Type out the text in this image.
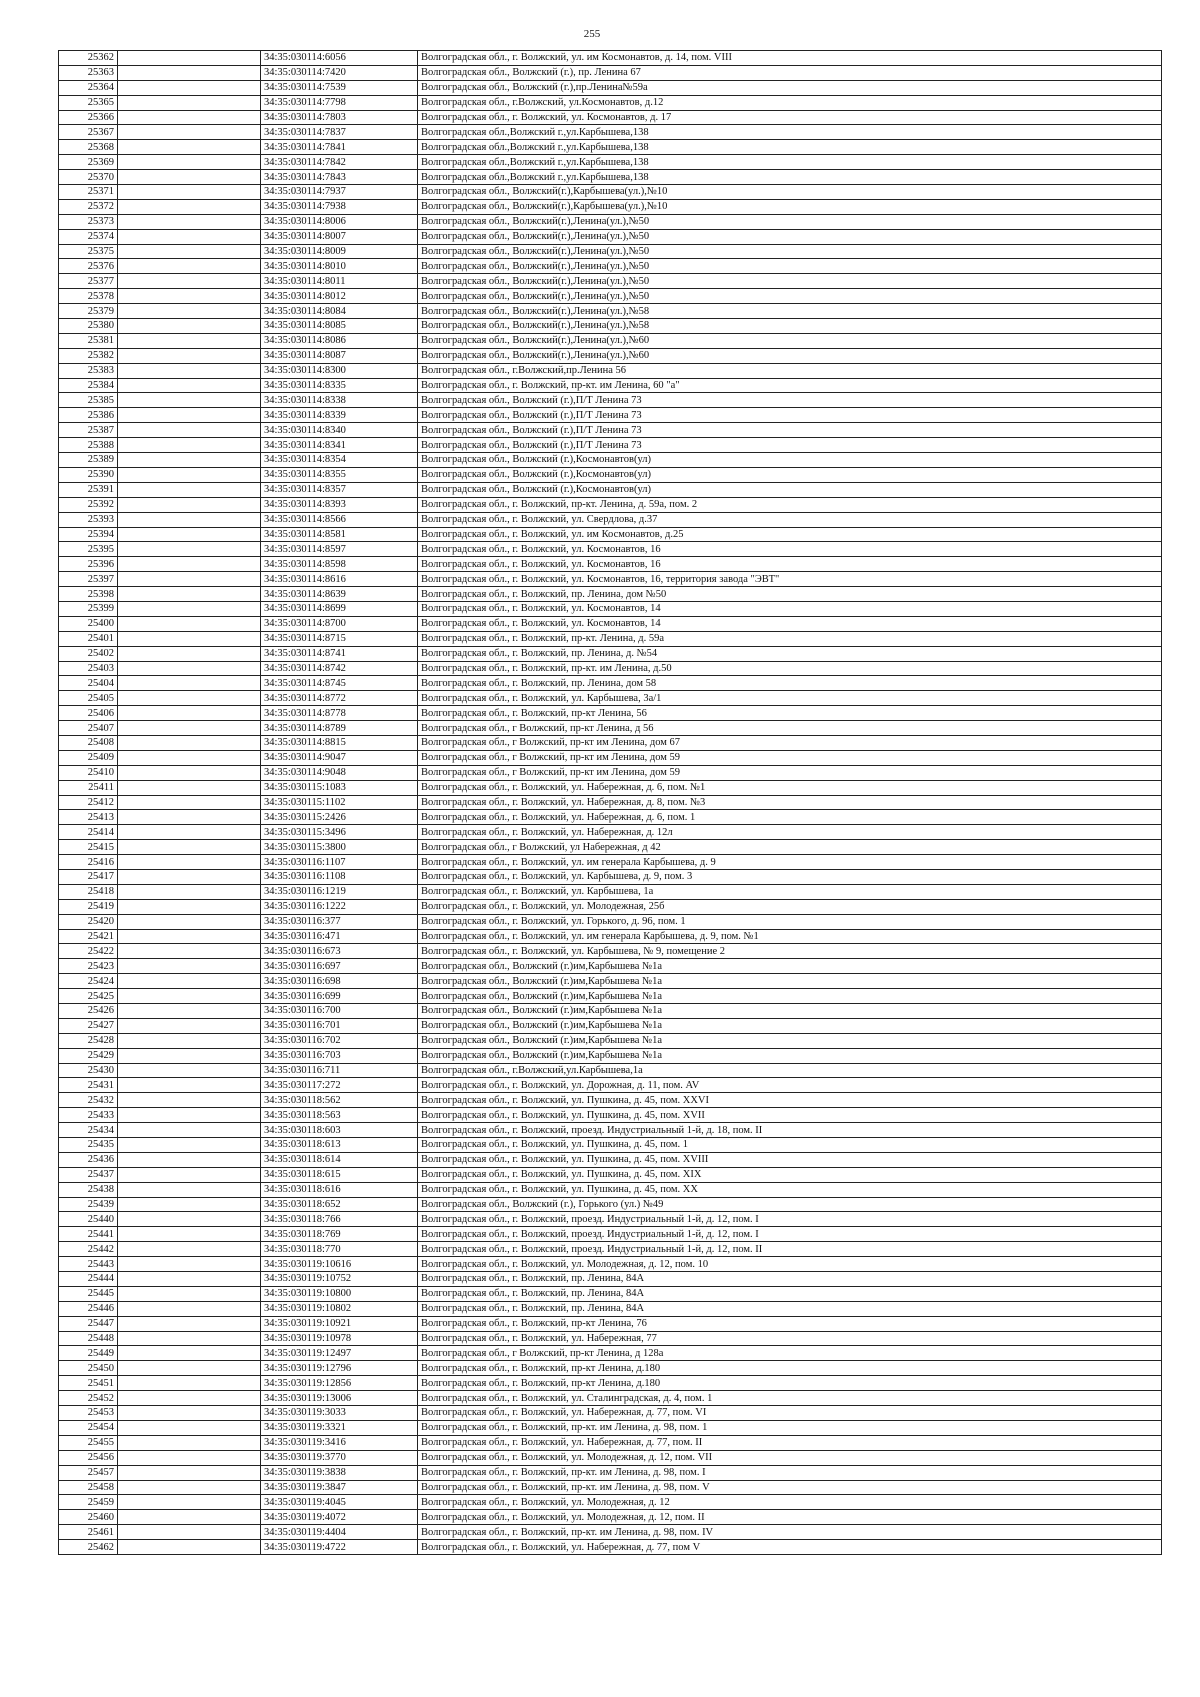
255
25362		34:35:030114:6056	Волгоградская обл., г. Волжский, ул. им Космонавтов, д. 14, пом. VIII
25363		34:35:030114:7420	Волгоградская обл., Волжский (г.), пр. Ленина 67
25364		34:35:030114:7539	Волгоградская обл., Волжский (г.),пр.Ленина№59а
25365		34:35:030114:7798	Волгоградская обл., г.Волжский, ул.Космонавтов, д.12
25366		34:35:030114:7803	Волгоградская обл., г. Волжский, ул. Космонавтов, д. 17
25367		34:35:030114:7837	Волгоградская обл.,Волжский г.,ул.Карбышева,138
25368		34:35:030114:7841	Волгоградская обл.,Волжский г.,ул.Карбышева,138
25369		34:35:030114:7842	Волгоградская обл.,Волжский г.,ул.Карбышева,138
25370		34:35:030114:7843	Волгоградская обл.,Волжский г.,ул.Карбышева,138
25371		34:35:030114:7937	Волгоградская обл., Волжский(г.),Карбышева(ул.),№10
25372		34:35:030114:7938	Волгоградская обл., Волжский(г.),Карбышева(ул.),№10
25373		34:35:030114:8006	Волгоградская обл., Волжский(г.),Ленина(ул.),№50
25374		34:35:030114:8007	Волгоградская обл., Волжский(г.),Ленина(ул.),№50
25375		34:35:030114:8009	Волгоградская обл., Волжский(г.),Ленина(ул.),№50
25376		34:35:030114:8010	Волгоградская обл., Волжский(г.),Ленина(ул.),№50
25377		34:35:030114:8011	Волгоградская обл., Волжский(г.),Ленина(ул.),№50
25378		34:35:030114:8012	Волгоградская обл., Волжский(г.),Ленина(ул.),№50
25379		34:35:030114:8084	Волгоградская обл., Волжский(г.),Ленина(ул.),№58
25380		34:35:030114:8085	Волгоградская обл., Волжский(г.),Ленина(ул.),№58
25381		34:35:030114:8086	Волгоградская обл., Волжский(г.),Ленина(ул.),№60
25382		34:35:030114:8087	Волгоградская обл., Волжский(г.),Ленина(ул.),№60
25383		34:35:030114:8300	Волгоградская обл., г.Волжский,пр.Ленина 56
25384		34:35:030114:8335	Волгоградская обл., г. Волжский, пр-кт. им Ленина, 60 "а"
25385		34:35:030114:8338	Волгоградская обл., Волжский (г.),П/Т Ленина 73
25386		34:35:030114:8339	Волгоградская обл., Волжский (г.),П/Т Ленина 73
25387		34:35:030114:8340	Волгоградская обл., Волжский (г.),П/Т Ленина 73
25388		34:35:030114:8341	Волгоградская обл., Волжский (г.),П/Т Ленина 73
25389		34:35:030114:8354	Волгоградская обл., Волжский (г.),Космонавтов(ул)
25390		34:35:030114:8355	Волгоградская обл., Волжский (г.),Космонавтов(ул)
25391		34:35:030114:8357	Волгоградская обл., Волжский (г.),Космонавтов(ул)
25392		34:35:030114:8393	Волгоградская обл., г. Волжский, пр-кт. Ленина, д. 59а, пом. 2
25393		34:35:030114:8566	Волгоградская обл., г. Волжский, ул. Свердлова, д.37
25394		34:35:030114:8581	Волгоградская обл., г. Волжский, ул. им Космонавтов, д.25
25395		34:35:030114:8597	Волгоградская обл., г. Волжский, ул. Космонавтов, 16
25396		34:35:030114:8598	Волгоградская обл., г. Волжский, ул. Космонавтов, 16
25397		34:35:030114:8616	Волгоградская обл., г. Волжский, ул. Космонавтов, 16, территория завода "ЭВТ"
25398		34:35:030114:8639	Волгоградская обл., г. Волжский, пр. Ленина, дом №50
25399		34:35:030114:8699	Волгоградская обл., г. Волжский, ул. Космонавтов, 14
25400		34:35:030114:8700	Волгоградская обл., г. Волжский, ул. Космонавтов, 14
25401		34:35:030114:8715	Волгоградская обл., г. Волжский, пр-кт. Ленина, д. 59а
25402		34:35:030114:8741	Волгоградская обл., г. Волжский, пр. Ленина, д. №54
25403		34:35:030114:8742	Волгоградская обл., г. Волжский, пр-кт. им Ленина, д.50
25404		34:35:030114:8745	Волгоградская обл., г. Волжский, пр. Ленина, дом 58
25405		34:35:030114:8772	Волгоградская обл., г. Волжский, ул. Карбышева, 3а/1
25406		34:35:030114:8778	Волгоградская обл., г. Волжский, пр-кт Ленина, 56
25407		34:35:030114:8789	Волгоградская обл., г Волжский, пр-кт Ленина, д 56
25408		34:35:030114:8815	Волгоградская обл., г Волжский, пр-кт им Ленина, дом 67
25409		34:35:030114:9047	Волгоградская обл., г Волжский, пр-кт им Ленина, дом 59
25410		34:35:030114:9048	Волгоградская обл., г Волжский, пр-кт им Ленина, дом 59
25411		34:35:030115:1083	Волгоградская обл., г. Волжский, ул. Набережная, д. 6, пом. №1
25412		34:35:030115:1102	Волгоградская обл., г. Волжский, ул. Набережная, д. 8, пом. №3
25413		34:35:030115:2426	Волгоградская обл., г. Волжский, ул. Набережная, д. 6, пом. 1
25414		34:35:030115:3496	Волгоградская обл., г. Волжский, ул. Набережная, д. 12л
25415		34:35:030115:3800	Волгоградская обл., г Волжский, ул Набережная, д 42
25416		34:35:030116:1107	Волгоградская обл., г. Волжский, ул. им генерала Карбышева, д. 9
25417		34:35:030116:1108	Волгоградская обл., г. Волжский, ул. Карбышева, д. 9, пом. 3
25418		34:35:030116:1219	Волгоградская обл., г. Волжский, ул. Карбышева, 1а
25419		34:35:030116:1222	Волгоградская обл., г. Волжский, ул. Молодежная, 25б
25420		34:35:030116:377	Волгоградская обл., г. Волжский, ул. Горького, д. 96, пом. 1
25421		34:35:030116:471	Волгоградская обл., г. Волжский, ул. им генерала Карбышева, д. 9, пом. №1
25422		34:35:030116:673	Волгоградская обл., г. Волжский, ул. Карбышева, № 9, помещение 2
25423		34:35:030116:697	Волгоградская обл., Волжский (г.)им,Карбышева №1а
25424		34:35:030116:698	Волгоградская обл., Волжский (г.)им,Карбышева №1а
25425		34:35:030116:699	Волгоградская обл., Волжский (г.)им,Карбышева №1а
25426		34:35:030116:700	Волгоградская обл., Волжский (г.)им,Карбышева №1а
25427		34:35:030116:701	Волгоградская обл., Волжский (г.)им,Карбышева №1а
25428		34:35:030116:702	Волгоградская обл., Волжский (г.)им,Карбышева №1а
25429		34:35:030116:703	Волгоградская обл., Волжский (г.)им,Карбышева №1а
25430		34:35:030116:711	Волгоградская обл., г.Волжский,ул.Карбышева,1а
25431		34:35:030117:272	Волгоградская обл., г. Волжский, ул. Дорожная, д. 11, пом. AV
25432		34:35:030118:562	Волгоградская обл., г. Волжский, ул. Пушкина, д. 45, пом. XXVI
25433		34:35:030118:563	Волгоградская обл., г. Волжский, ул. Пушкина, д. 45, пом. XVII
25434		34:35:030118:603	Волгоградская обл., г. Волжский, проезд. Индустриальный 1-й, д. 18, пом. II
25435		34:35:030118:613	Волгоградская обл., г. Волжский, ул. Пушкина, д. 45, пом. 1
25436		34:35:030118:614	Волгоградская обл., г. Волжский, ул. Пушкина, д. 45, пом. XVIII
25437		34:35:030118:615	Волгоградская обл., г. Волжский, ул. Пушкина, д. 45, пом. XIX
25438		34:35:030118:616	Волгоградская обл., г. Волжский, ул. Пушкина, д. 45, пом. XX
25439		34:35:030118:652	Волгоградская обл., Волжский (г.), Горького (ул.) №49
25440		34:35:030118:766	Волгоградская обл., г. Волжский, проезд. Индустриальный 1-й, д. 12, пом. I
25441		34:35:030118:769	Волгоградская обл., г. Волжский, проезд. Индустриальный 1-й, д. 12, пом. I
25442		34:35:030118:770	Волгоградская обл., г. Волжский, проезд. Индустриальный 1-й, д. 12, пом. II
25443		34:35:030119:10616	Волгоградская обл., г. Волжский, ул. Молодежная, д. 12, пом. 10
25444		34:35:030119:10752	Волгоградская обл., г. Волжский, пр. Ленина, 84А
25445		34:35:030119:10800	Волгоградская обл., г. Волжский, пр. Ленина, 84А
25446		34:35:030119:10802	Волгоградская обл., г. Волжский, пр. Ленина, 84А
25447		34:35:030119:10921	Волгоградская обл., г. Волжский, пр-кт Ленина, 76
25448		34:35:030119:10978	Волгоградская обл., г. Волжский, ул. Набережная, 77
25449		34:35:030119:12497	Волгоградская обл., г Волжский, пр-кт Ленина, д 128а
25450		34:35:030119:12796	Волгоградская обл., г. Волжский, пр-кт Ленина, д.180
25451		34:35:030119:12856	Волгоградская обл., г. Волжский, пр-кт Ленина, д.180
25452		34:35:030119:13006	Волгоградская обл., г. Волжский, ул. Сталинградская, д. 4, пом. 1
25453		34:35:030119:3033	Волгоградская обл., г. Волжский, ул. Набережная, д. 77, пом. VI
25454		34:35:030119:3321	Волгоградская обл., г. Волжский, пр-кт. им Ленина, д. 98, пом. 1
25455		34:35:030119:3416	Волгоградская обл., г. Волжский, ул. Набережная, д. 77, пом. II
25456		34:35:030119:3770	Волгоградская обл., г. Волжский, ул. Молодежная, д. 12, пом. VII
25457		34:35:030119:3838	Волгоградская обл., г. Волжский, пр-кт. им Ленина, д. 98, пом. I
25458		34:35:030119:3847	Волгоградская обл., г. Волжский, пр-кт. им Ленина, д. 98, пом. V
25459		34:35:030119:4045	Волгоградская обл., г. Волжский, ул. Молодежная, д. 12
25460		34:35:030119:4072	Волгоградская обл., г. Волжский, ул. Молодежная, д. 12, пом. II
25461		34:35:030119:4404	Волгоградская обл., г. Волжский, пр-кт. им Ленина, д. 98, пом. IV
25462		34:35:030119:4722	Волгоградская обл., г. Волжский, ул. Набережная, д. 77, пом V
